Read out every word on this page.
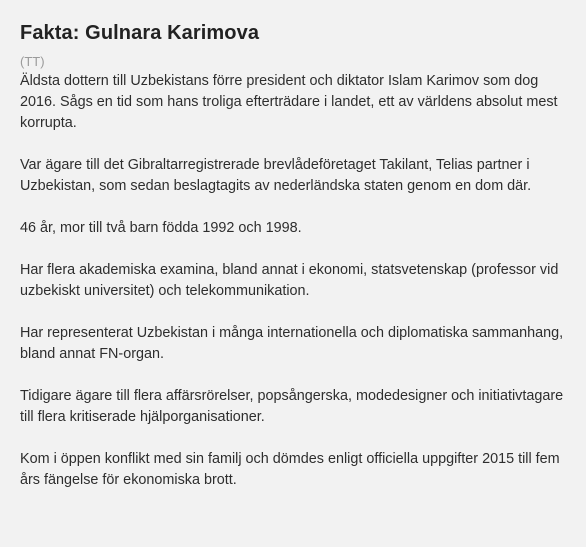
Fakta: Gulnara Karimova
(TT)

Äldsta dottern till Uzbekistans förre president och diktator Islam Karimov som dog 2016. Sågs en tid som hans troliga efterträdare i landet, ett av världens absolut mest korrupta.

Var ägare till det Gibraltarregistrerade brevlådeföretaget Takilant, Telias partner i Uzbekistan, som sedan beslagtagits av nederländska staten genom en dom där.

46 år, mor till två barn födda 1992 och 1998.

Har flera akademiska examina, bland annat i ekonomi, statsvetenskap (professor vid uzbekiskt universitet) och telekommunikation.

Har representerat Uzbekistan i många internationella och diplomatiska sammanhang, bland annat FN-organ.

Tidigare ägare till flera affärsrörelser, popsångerska, modedesigner och initiativtagare till flera kritiserade hjälporganisationer.

Kom i öppen konflikt med sin familj och dömdes enligt officiella uppgifter 2015 till fem års fängelse för ekonomiska brott.
